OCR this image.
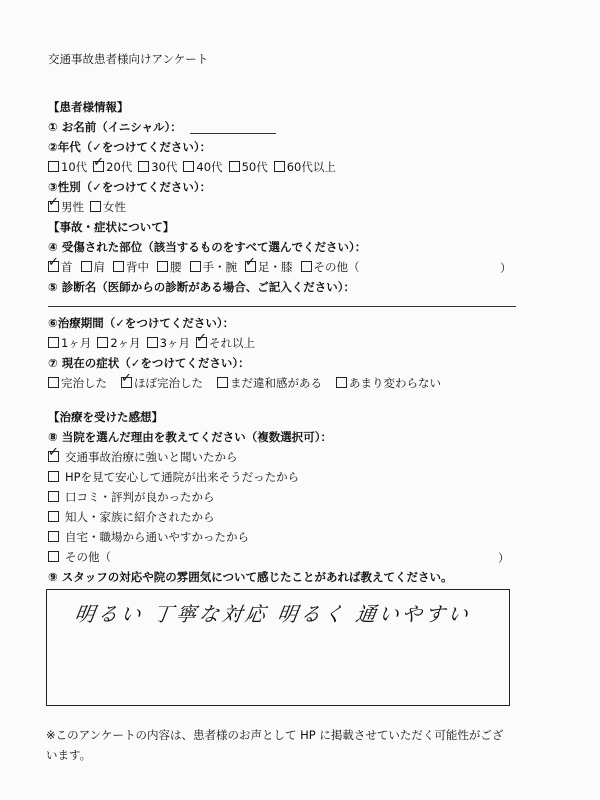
交通事故患者様向けアンケート
【患者様情報】
① お名前（イニシャル）：
②年代（✓をつけてください）：
10代 ✓ 20代 30代 40代 50代 60代以上
③性別（✓をつけてください）：
✓男性 女性
【事故・症状について】
④ 受傷された部位（該当するものをすべて選んでください）：
✓首 肩 背中 腰 手・腕 ✓ 足・膝 その他（	）
⑤ 診断名（医師からの診断がある場合、ご記入ください）：
⑥治療期間（✓をつけてください）：
1ヶ月 2ヶ月 3ヶ月 ✓ それ以上
⑦ 現在の症状（✓をつけてください）：
完治した ✓ ほぼ完治した まだ違和感がある あまり変わらない
【治療を受けた感想】
⑧ 当院を選んだ理由を教えてください（複数選択可）：
✓交通事故治療に強いと聞いたから
HPを見て安心して通院が出来そうだったから
口コミ・評判が良かったから
知人・家族に紹介されたから
自宅・職場から通いやすかったから
その他（	）
⑨ スタッフの対応や院の雰囲気について感じたことがあれば教えてください。
明るい 丁寧な対応 明るく 通いやすい
※このアンケートの内容は、患者様のお声として HP に掲載させていただく可能性がござ
います。
